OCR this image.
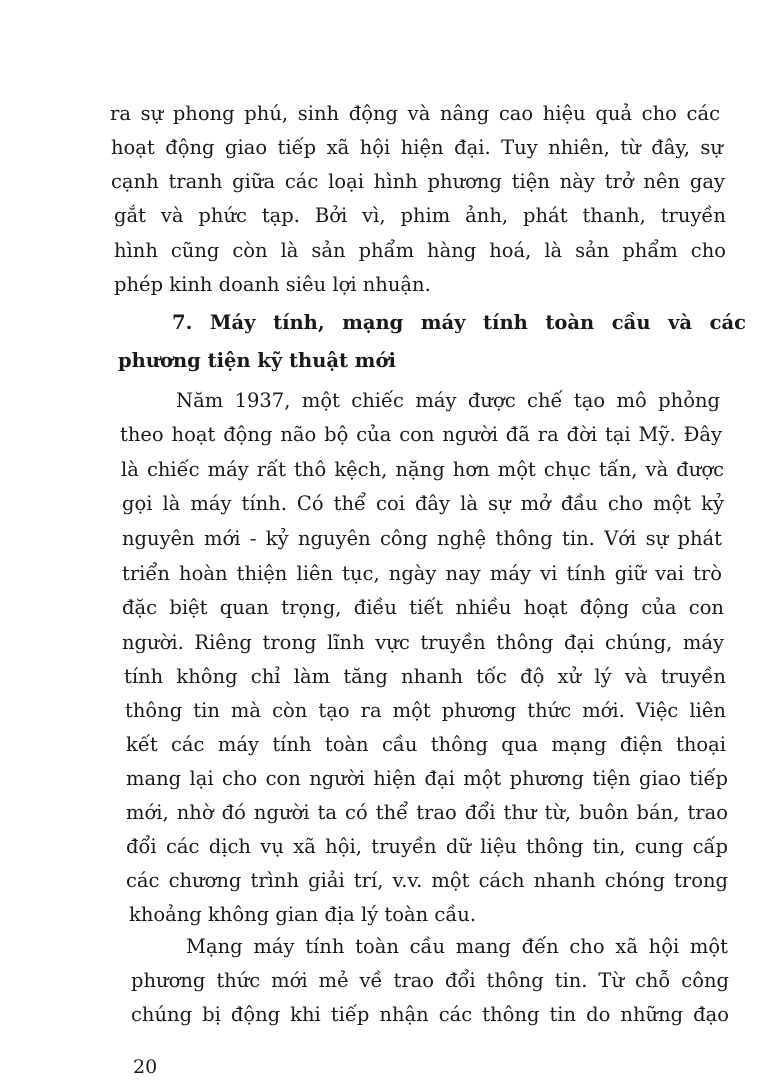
ra sự phong phú, sinh động và nâng cao hiệu quả cho các
hoạt động giao tiếp xã hội hiện đại. Tuy nhiên, từ đây, sự
cạnh tranh giữa các loại hình phương tiện này trở nên gay
gắt và phức tạp. Bởi vì, phim ảnh, phát thanh, truyền
hình cũng còn là sản phẩm hàng hoá, là sản phẩm cho
phép kinh doanh siêu lợi nhuận.
7. Máy tính, mạng máy tính toàn cầu và các
phương tiện kỹ thuật mới
Năm 1937, một chiếc máy được chế tạo mô phỏng
theo hoạt động não bộ của con người đã ra đời tại Mỹ. Đây
là chiếc máy rất thô kệch, nặng hơn một chục tấn, và được
gọi là máy tính. Có thể coi đây là sự mở đầu cho một kỷ
nguyên mới - kỷ nguyên công nghệ thông tin. Với sự phát
triển hoàn thiện liên tục, ngày nay máy vi tính giữ vai trò
đặc biệt quan trọng, điều tiết nhiều hoạt động của con
người. Riêng trong lĩnh vực truyền thông đại chúng, máy
tính không chỉ làm tăng nhanh tốc độ xử lý và truyền
thông tin mà còn tạo ra một phương thức mới. Việc liên
kết các máy tính toàn cầu thông qua mạng điện thoại
mang lại cho con người hiện đại một phương tiện giao tiếp
mới, nhờ đó người ta có thể trao đổi thư từ, buôn bán, trao
đổi các dịch vụ xã hội, truyền dữ liệu thông tin, cung cấp
các chương trình giải trí, v.v. một cách nhanh chóng trong
khoảng không gian địa lý toàn cầu.
Mạng máy tính toàn cầu mang đến cho xã hội một
phương thức mới mẻ về trao đổi thông tin. Từ chỗ công
chúng bị động khi tiếp nhận các thông tin do những đạo
20
